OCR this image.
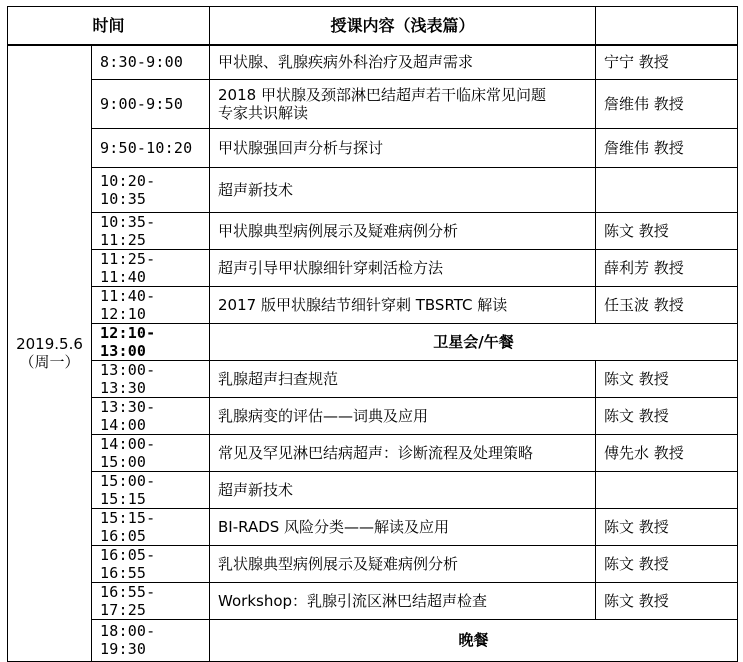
时间		授课内容（浅表篇）	

2019.5.6
（周一）	8:30-9:00	甲状腺、乳腺疾病外科治疗及超声需求	宁宁 教授
	9:00-9:50	2018 甲状腺及颈部淋巴结超声若干临床常见问题
专家共识解读	詹维伟 教授
	9:50-10:20	甲状腺强回声分析与探讨	詹维伟 教授
	10:20-10:35	超声新技术	
	10:35-11:25	甲状腺典型病例展示及疑难病例分析	陈文 教授
	11:25-11:40	超声引导甲状腺细针穿刺活检方法	薛利芳 教授
	11:40-12:10	2017 版甲状腺结节细针穿刺 TBSRTC 解读	任玉波 教授
	12:10-13:00	卫星会/午餐	
	13:00-13:30	乳腺超声扫查规范	陈文 教授
	13:30-14:00	乳腺病变的评估——词典及应用	陈文 教授
	14:00-15:00	常见及罕见淋巴结病超声：诊断流程及处理策略	傅先水 教授
	15:00-15:15	超声新技术	
	15:15-16:05	BI-RADS 风险分类——解读及应用	陈文 教授
	16:05-16:55	乳状腺典型病例展示及疑难病例分析	陈文 教授
	16:55-17:25	Workshop：乳腺引流区淋巴结超声检查	陈文 教授
	18:00-19:30	晚餐	
